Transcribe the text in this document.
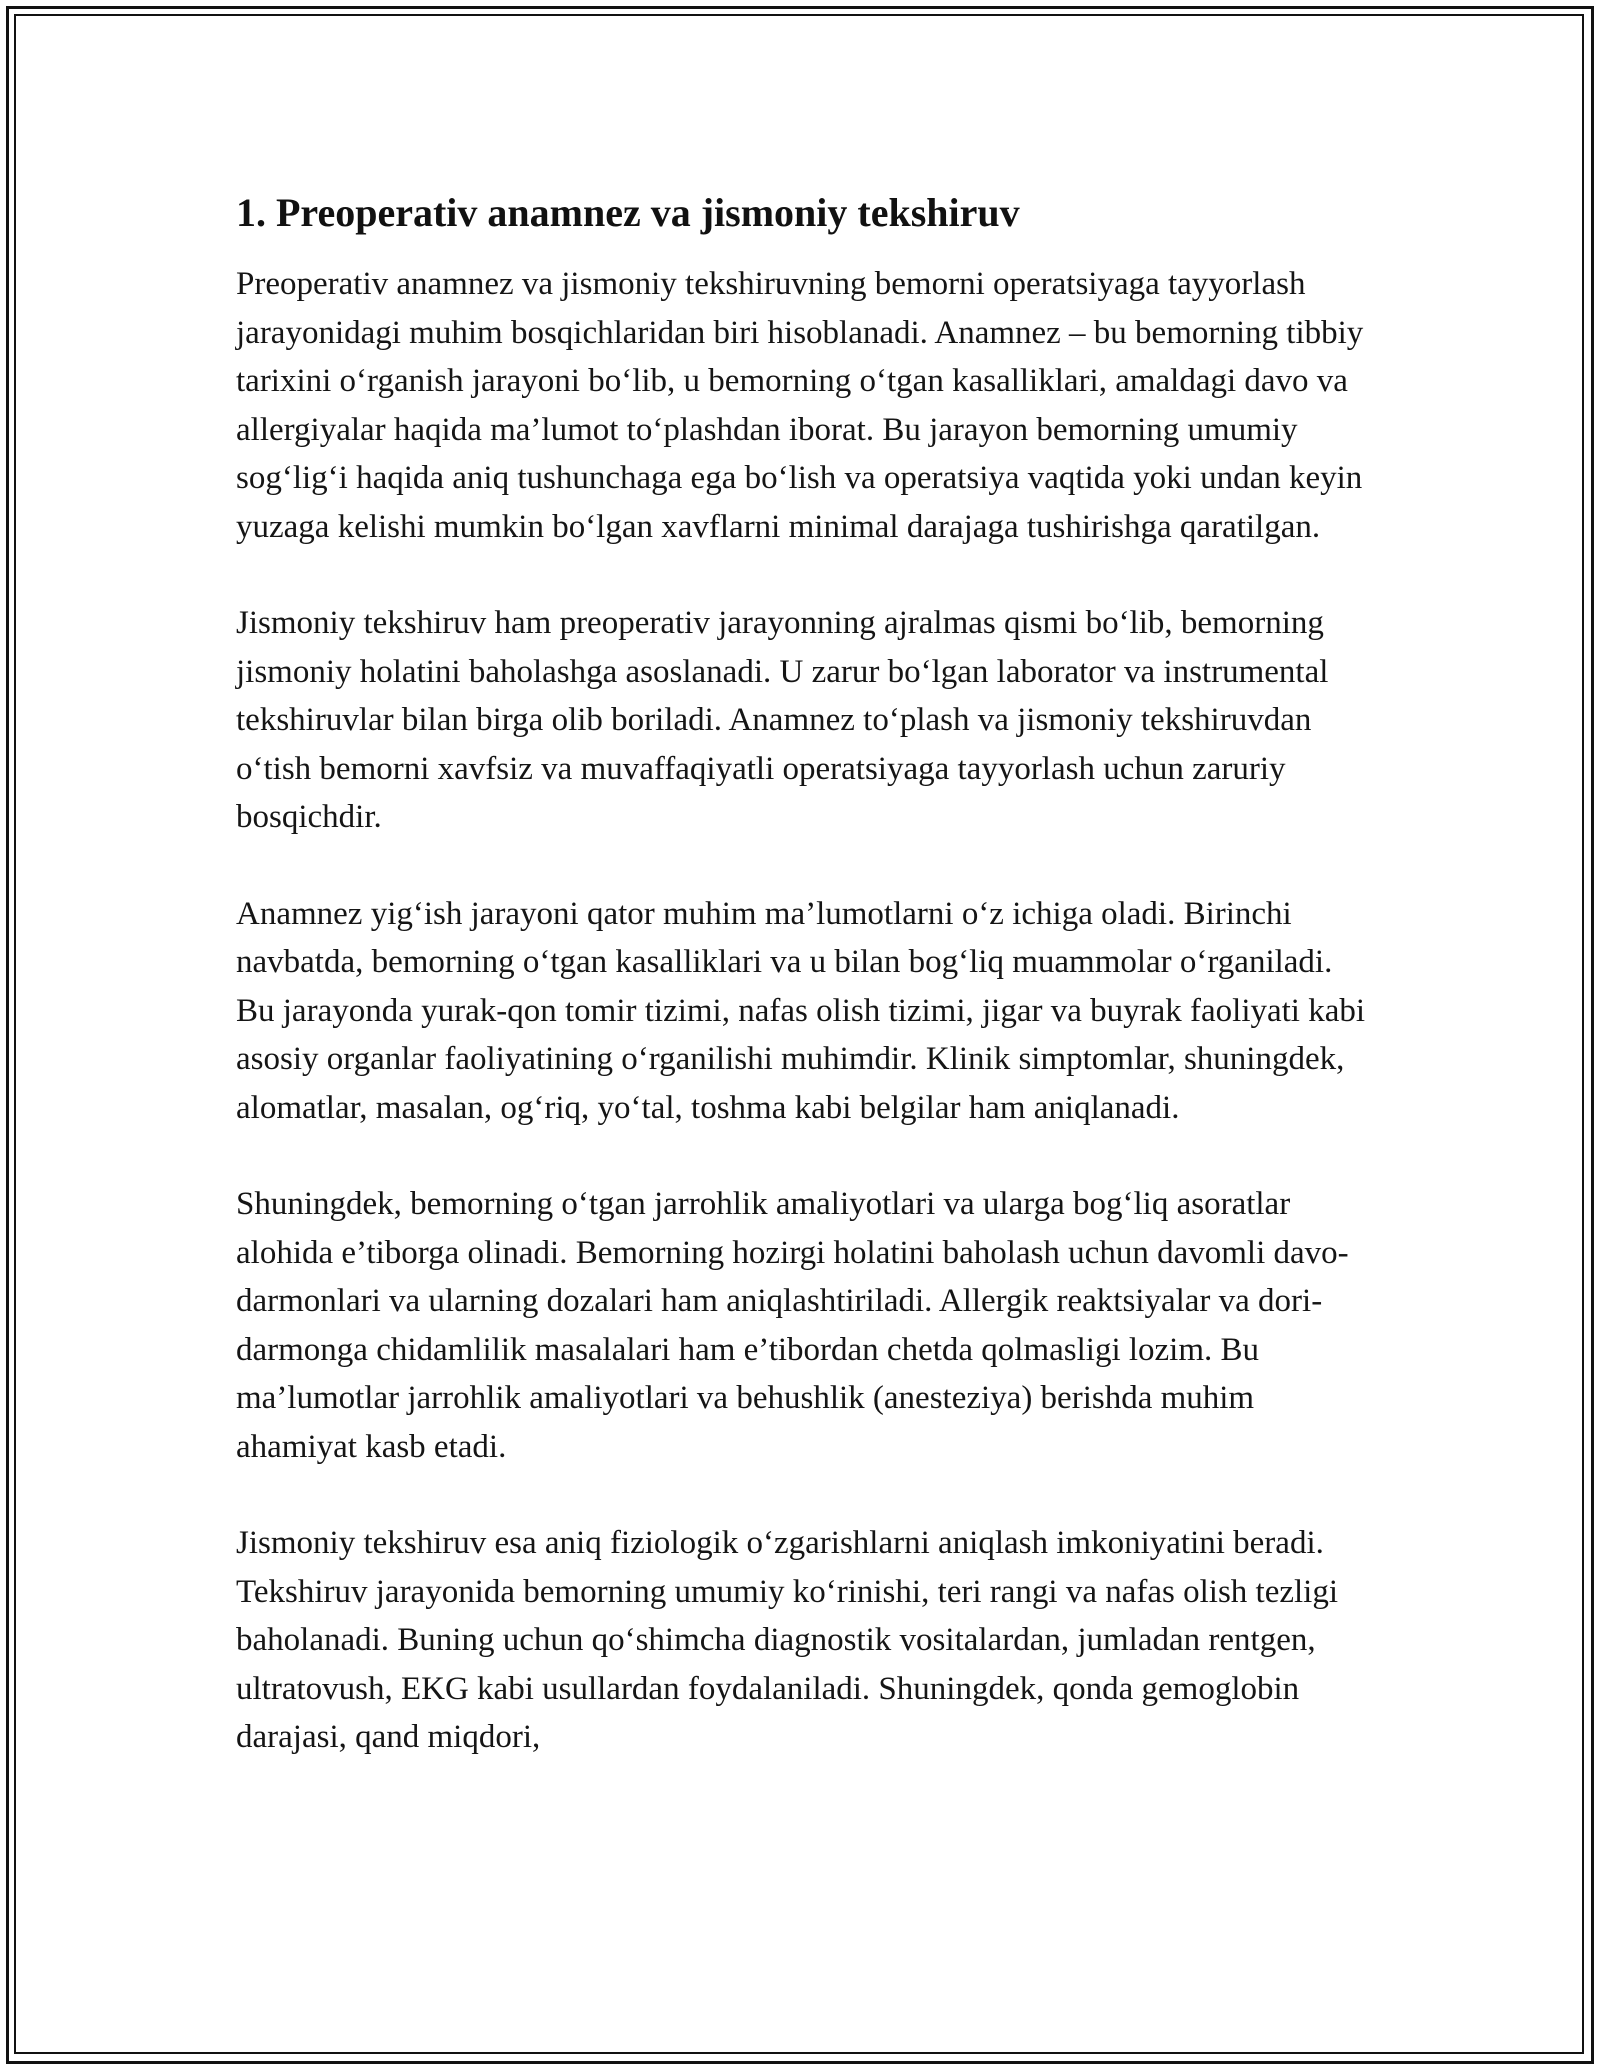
1. Preoperativ anamnez va jismoniy tekshiruv

Preoperativ anamnez va jismoniy tekshiruvning bemorni operatsiyaga tayyorlash jarayonidagi muhim bosqichlaridan biri hisoblanadi. Anamnez – bu bemorning tibbiy tarixini o‘rganish jarayoni bo‘lib, u bemorning o‘tgan kasalliklari, amaldagi davo va allergiyalar haqida ma’lumot to‘plashdan iborat. Bu jarayon bemorning umumiy sog‘lig‘i haqida aniq tushunchaga ega bo‘lish va operatsiya vaqtida yoki undan keyin yuzaga kelishi mumkin bo‘lgan xavflarni minimal darajaga tushirishga qaratilgan.

Jismoniy tekshiruv ham preoperativ jarayonning ajralmas qismi bo‘lib, bemorning jismoniy holatini baholashga asoslanadi. U zarur bo‘lgan laborator va instrumental tekshiruvlar bilan birga olib boriladi. Anamnez to‘plash va jismoniy tekshiruvdan o‘tish bemorni xavfsiz va muvaffaqiyatli operatsiyaga tayyorlash uchun zaruriy bosqichdir.

Anamnez yig‘ish jarayoni qator muhim ma’lumotlarni o‘z ichiga oladi. Birinchi navbatda, bemorning o‘tgan kasalliklari va u bilan bog‘liq muammolar o‘rganiladi. Bu jarayonda yurak-qon tomir tizimi, nafas olish tizimi, jigar va buyrak faoliyati kabi asosiy organlar faoliyatining o‘rganilishi muhimdir. Klinik simptomlar, shuningdek, alomatlar, masalan, og‘riq, yo‘tal, toshma kabi belgilar ham aniqlanadi.

Shuningdek, bemorning o‘tgan jarrohlik amaliyotlari va ularga bog‘liq asoratlar alohida e’tiborga olinadi. Bemorning hozirgi holatini baholash uchun davomli davo-darmonlari va ularning dozalari ham aniqlashtiriladi. Allergik reaktsiyalar va dori-darmonga chidamlilik masalalari ham e’tibordan chetda qolmasligi lozim. Bu ma’lumotlar jarrohlik amaliyotlari va behushlik (anesteziya) berishda muhim ahamiyat kasb etadi.

Jismoniy tekshiruv esa aniq fiziologik o‘zgarishlarni aniqlash imkoniyatini beradi. Tekshiruv jarayonida bemorning umumiy ko‘rinishi, teri rangi va nafas olish tezligi baholanadi. Buning uchun qo‘shimcha diagnostik vositalardan, jumladan rentgen, ultratovush, EKG kabi usullardan foydalaniladi. Shuningdek, qonda gemoglobin darajasi, qand miqdori,
